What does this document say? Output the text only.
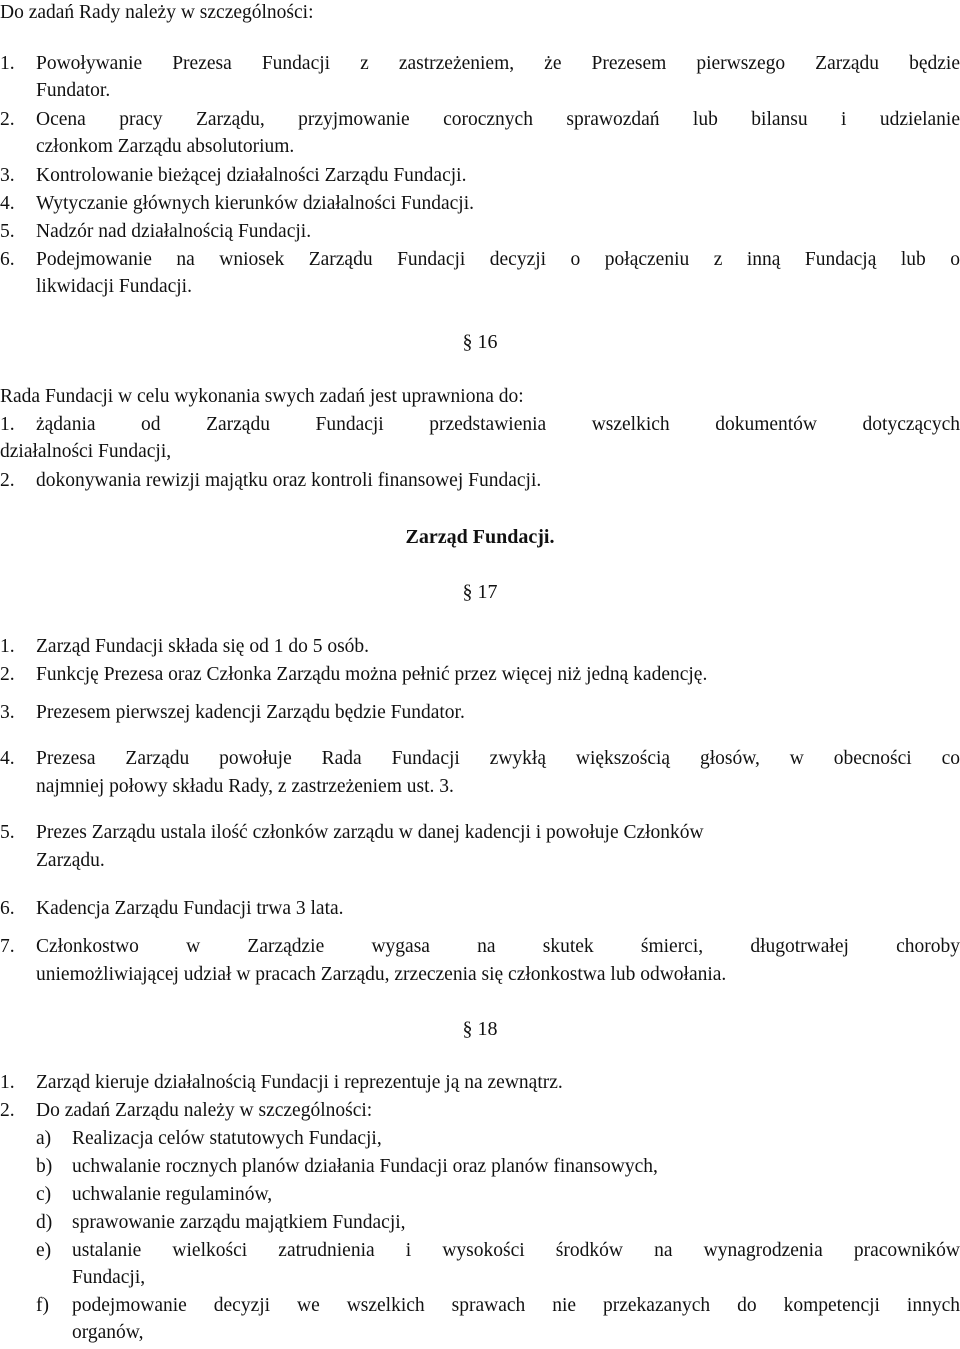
Do zadań Rady należy w szczególności:
1. Powoływanie Prezesa Fundacji z zastrzeżeniem, że Prezesem pierwszego Zarządu będzie
Fundator.
2. Ocena pracy Zarządu, przyjmowanie corocznych sprawozdań lub bilansu i udzielanie
członkom Zarządu absolutorium.
3. Kontrolowanie bieżącej działalności Zarządu Fundacji.
4. Wytyczanie głównych kierunków działalności Fundacji.
5. Nadzór nad działalnością Fundacji.
6. Podejmowanie na wniosek Zarządu Fundacji decyzji o połączeniu z inną Fundacją lub o
likwidacji Fundacji.
§ 16
Rada Fundacji w celu wykonania swych zadań jest uprawniona do:
1. żądania od Zarządu Fundacji przedstawienia wszelkich dokumentów dotyczących
działalności Fundacji,
2. dokonywania rewizji majątku oraz kontroli finansowej Fundacji.
Zarząd Fundacji.
§ 17
1. Zarząd Fundacji składa się od 1 do 5 osób.
2. Funkcję Prezesa oraz Członka Zarządu można pełnić przez więcej niż jedną kadencję.
3. Prezesem pierwszej kadencji Zarządu będzie Fundator.
4. Prezesa Zarządu powołuje Rada Fundacji zwykłą większością głosów, w obecności co
najmniej połowy składu Rady, z zastrzeżeniem ust. 3.
5. Prezes Zarządu ustala ilość członków zarządu w danej kadencji i powołuje Członków
Zarządu.
6. Kadencja Zarządu Fundacji trwa 3 lata.
7. Członkostwo w Zarządzie wygasa na skutek śmierci, długotrwałej choroby
uniemożliwiającej udział w pracach Zarządu, zrzeczenia się członkostwa lub odwołania.
§ 18
1. Zarząd kieruje działalnością Fundacji i reprezentuje ją na zewnątrz.
2. Do zadań Zarządu należy w szczególności:
a) Realizacja celów statutowych Fundacji,
b) uchwalanie rocznych planów działania Fundacji oraz planów finansowych,
c) uchwalanie regulaminów,
d) sprawowanie zarządu majątkiem Fundacji,
e) ustalanie wielkości zatrudnienia i wysokości środków na wynagrodzenia pracowników
Fundacji,
f) podejmowanie decyzji we wszelkich sprawach nie przekazanych do kompetencji innych
organów,
